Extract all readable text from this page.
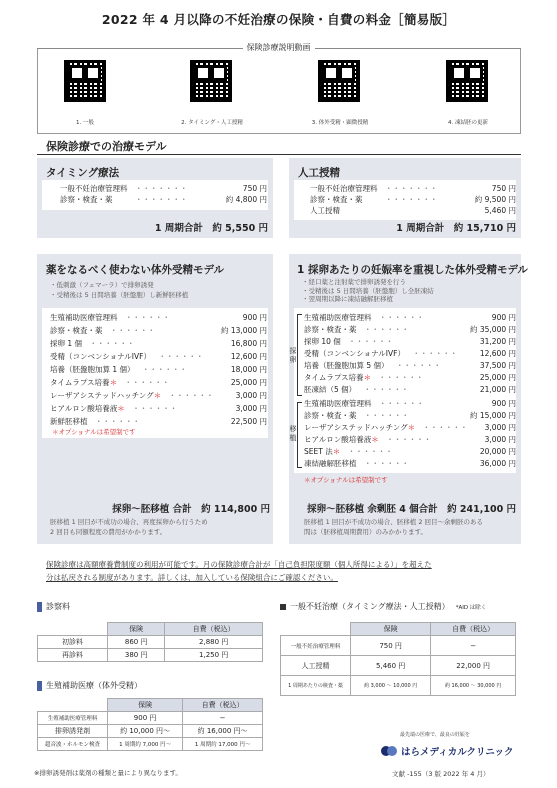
2022 年 4 月以降の不妊治療の保険・自費の料金［簡易版］
保険診療説明動画
1. 一般	2. タイミング・人工授精	3. 体外受精・顕微授精	4. 凍結胚の更新
保険診療での治療モデル
タイミング療法
一般不妊治療管理料 　・・・・・・・	750 円
診察・検査・薬 　　　・・・・・・・	約 4,800 円
1 周期合計　約 5,550 円
人工授精
一般不妊治療管理料 　・・・・・・・	750 円
診察・検査・薬 　　　・・・・・・・	約 9,500 円
人工授精	5,460 円
1 周期合計　約 15,710 円
薬をなるべく使わない体外受精モデル
・低刺激（フェマーラ）で排卵誘発
・受精後は 5 日間培養（胚盤胞）し新鮮胚移植
生殖補助医療管理料 　・・・・・・	900 円
診察・検査・薬 　・・・・・・	約 13,000 円
採卵 1 個 　・・・・・・	16,800 円
受精（コンベンショナルIVF） 　・・・・・・	12,600 円
培養（胚盤胞加算 1 個） 　・・・・・・	18,000 円
タイムラプス培養 ＊ 　・・・・・・	25,000 円
レーザアシステッドハッチング ＊ 　・・・・・・	3,000 円
ヒアルロン酸培養液 ＊ 　・・・・・・	3,000 円
新鮮胚移植 　・・・・・・	22,500 円
＊オプショナルは希望制です
採卵〜胚移植 合計　約 114,800 円
胚移植 1 回目が不成功の場合、再度採卵から行うため
2 回目も同額程度の費用がかかります。
1 採卵あたりの妊娠率を重視した体外受精モデル
・経口薬と注射薬で排卵誘発を行う
・受精後は 5 日間培養（胚盤胞）し全胚凍結
・翌周期以降に凍結融解胚移植
採卵
移植
生殖補助医療管理料 　・・・・・・	900 円
診察・検査・薬 　・・・・・・	約 35,000 円
採卵 10 個 　・・・・・・	31,200 円
受精（コンベンショナルIVF） 　・・・・・・	12,600 円
培養（胚盤胞加算 5 個） 　・・・・・・	37,500 円
タイムラプス培養 ＊ 　・・・・・・	25,000 円
胚凍結（5 個） 　・・・・・・	21,000 円
生殖補助医療管理料 　・・・・・・	900 円
診察・検査・薬 　・・・・・・	約 15,000 円
レーザアシステッドハッチング ＊ 　・・・・・・	3,000 円
ヒアルロン酸培養液 ＊ 　・・・・・・	3,000 円
SEET 法 ＊ 　・・・・・・	20,000 円
凍結融解胚移植 　・・・・・・	36,000 円
＊オプショナルは希望制です
採卵〜胚移植 余剰胚 4 個合計　約 241,100 円
胚移植 1 回目が不成功の場合、胚移植 2 回目〜余剰胚のある
間は（胚移植周期費用）のみかかります。
保険診療は高額療養費制度の利用が可能です。月の保険診療合計が「自己負担限度額（個人所得による）」を超えた
分は払戻される制度があります。詳しくは、加入している保険組合にご確認ください。
診察料
	保険	自費（税込）
初診料	860 円	2,880 円
再診料	380 円	1,250 円
生殖補助医療（体外受精）
	保険	自費（税込）
生殖補助医療管理料	900 円	−
排卵誘発剤	約 10,000 円〜	約 16,000 円〜
超音波・ホルモン検査	1 周期約 7,000 円〜	1 周期約 17,000 円〜
※排卵誘発剤は薬剤の種類と量により異なります。
一般不妊治療（タイミング療法・人工授精） *AID は除く
	保険	自費（税込）
一般不妊治療管理料	750 円	−
人工授精	5,460 円	22,000 円
1 周期あたりの検査・薬	約 3,000 〜 10,000 円	約 16,000 〜 30,000 円
最先端の医療で、最良の妊娠を
はらメディカルクリニック
文献 -155（3 版 2022 年 4 月）
